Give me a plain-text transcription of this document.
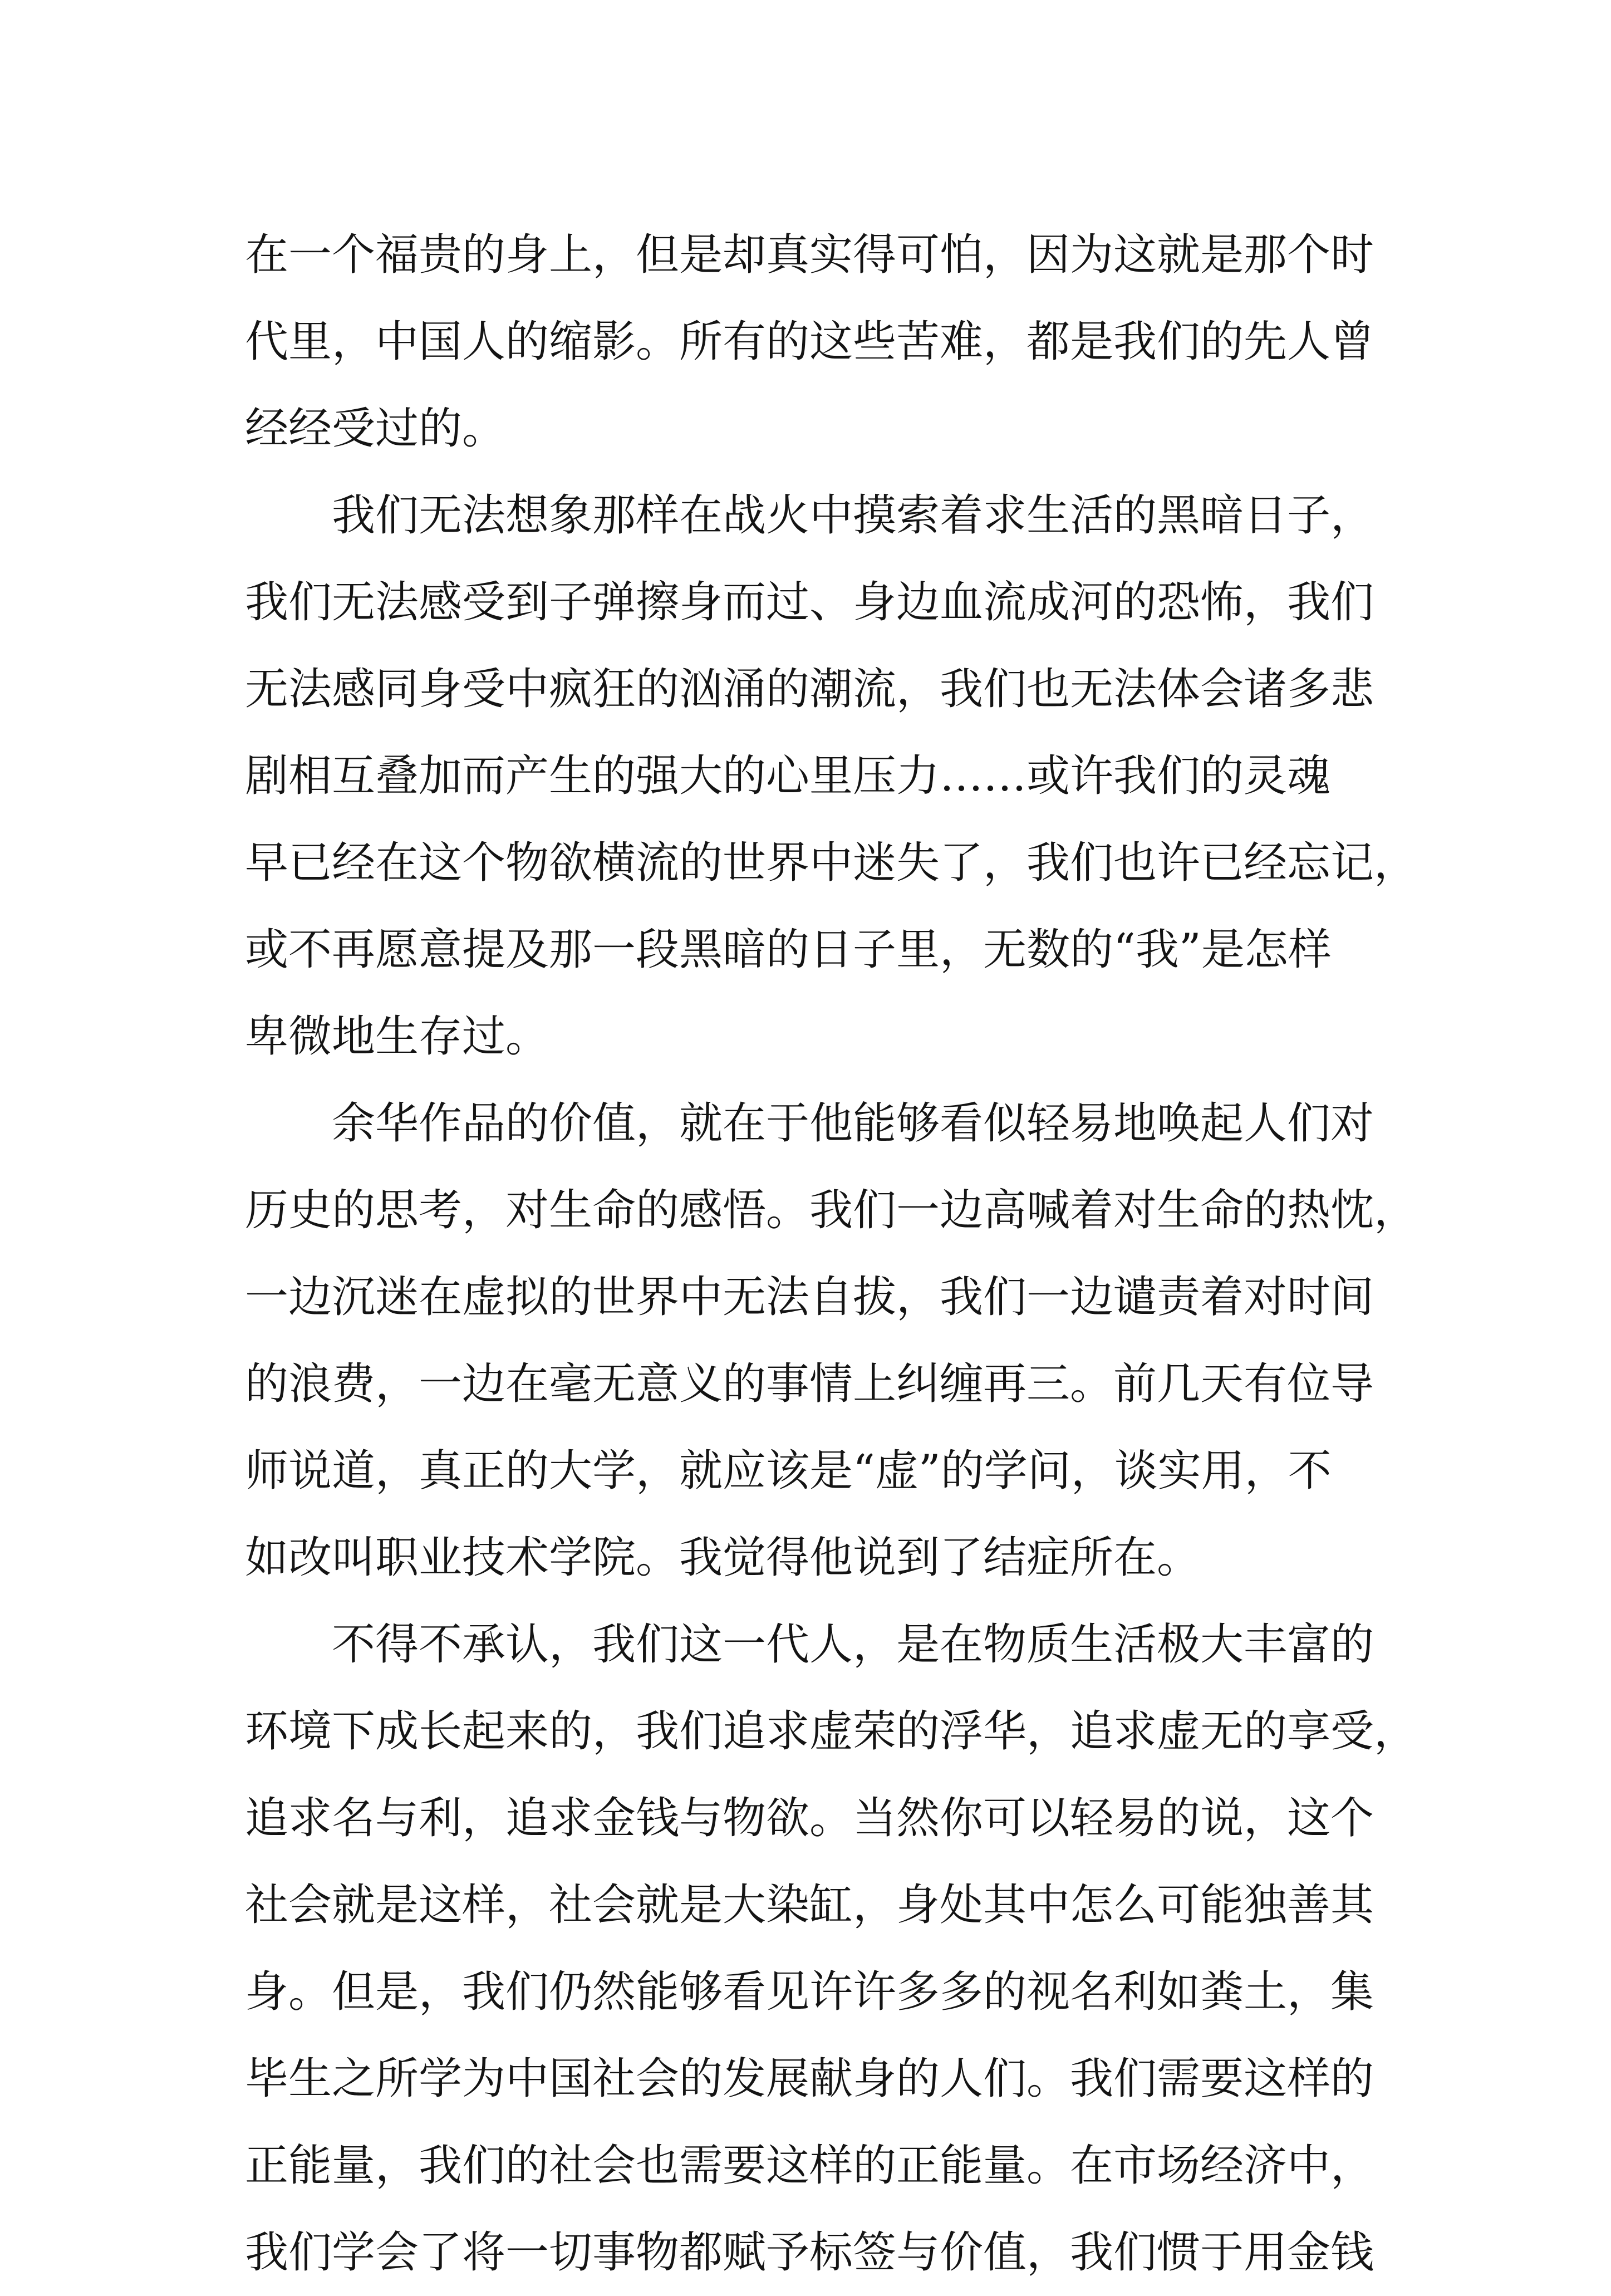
在一个福贵的身上，但是却真实得可怕，因为这就是那个时
代里，中国人的缩影。所有的这些苦难，都是我们的先人曾
经经受过的。
　　我们无法想象那样在战火中摸索着求生活的黑暗日子，
我们无法感受到子弹擦身而过、身边血流成河的恐怖，我们
无法感同身受中疯狂的汹涌的潮流，我们也无法体会诸多悲
剧相互叠加而产生的强大的心里压力……或许我们的灵魂
早已经在这个物欲横流的世界中迷失了，我们也许已经忘记，
或不再愿意提及那一段黑暗的日子里，无数的“我”是怎样
卑微地生存过。
　　余华作品的价值，就在于他能够看似轻易地唤起人们对
历史的思考，对生命的感悟。我们一边高喊着对生命的热忱，
一边沉迷在虚拟的世界中无法自拔，我们一边谴责着对时间
的浪费，一边在毫无意义的事情上纠缠再三。前几天有位导
师说道，真正的大学，就应该是“虚”的学问，谈实用，不
如改叫职业技术学院。我觉得他说到了结症所在。
　　不得不承认，我们这一代人，是在物质生活极大丰富的
环境下成长起来的，我们追求虚荣的浮华，追求虚无的享受，
追求名与利，追求金钱与物欲。当然你可以轻易的说，这个
社会就是这样，社会就是大染缸，身处其中怎么可能独善其
身。但是，我们仍然能够看见许许多多的视名利如粪土，集
毕生之所学为中国社会的发展献身的人们。我们需要这样的
正能量，我们的社会也需要这样的正能量。在市场经济中，
我们学会了将一切事物都赋予标签与价值，我们惯于用金钱
